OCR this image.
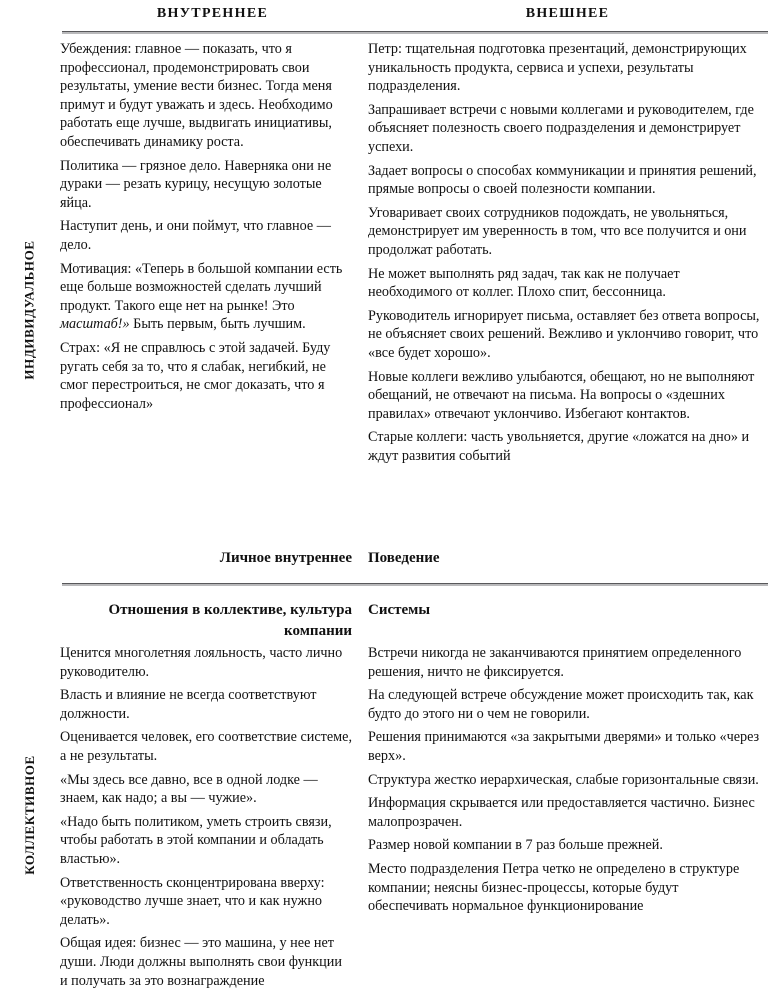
ВНУТРЕННЕЕ	ВНЕШНЕЕ
ИНДИВИДУАЛЬНОЕ
КОЛЛЕКТИВНОЕ

Убеждения: главное — показать, что я профессионал, продемонстрировать свои результаты, умение вести бизнес. Тогда меня примут и будут уважать и здесь. Необходимо работать еще лучше, выдвигать инициативы, обеспечивать динамику роста.

Политика — грязное дело. Наверняка они не дураки — резать курицу, несущую золотые яйца.

Наступит день, и они поймут, что главное — дело.

Мотивация: «Теперь в большой компании есть еще больше возможностей сделать лучший продукт. Такого еще нет на рынке! Это масштаб!» Быть первым, быть лучшим.

Страх: «Я не справлюсь с этой задачей. Буду ругать себя за то, что я слабак, негибкий, не смог перестроиться, не смог доказать, что я профессионал»

Петр: тщательная подготовка презентаций, демонстрирующих уникальность продукта, сервиса и успехи, результаты подразделения.

Запрашивает встречи с новыми коллегами и руководителем, где объясняет полезность своего подразделения и демонстрирует успехи.

Задает вопросы о способах коммуникации и принятия решений, прямые вопросы о своей полезности компании.

Уговаривает своих сотрудников подождать, не увольняться, демонстрирует им уверенность в том, что все получится и они продолжат работать.

Не может выполнять ряд задач, так как не получает необходимого от коллег. Плохо спит, бессонница.

Руководитель игнорирует письма, оставляет без ответа вопросы, не объясняет своих решений. Вежливо и уклончиво говорит, что «все будет хорошо».

Новые коллеги вежливо улыбаются, обещают, но не выполняют обещаний, не отвечают на письма. На вопросы о «здешних правилах» отвечают уклончиво. Избегают контактов.

Старые коллеги: часть увольняется, другие «ложатся на дно» и ждут развития событий

Личное внутреннее Поведение
Отношения в коллективе, культура компании
Системы

Ценится многолетняя лояльность, часто лично руководителю.

Власть и влияние не всегда соответствуют должности.

Оценивается человек, его соответствие системе, а не результаты.

«Мы здесь все давно, все в одной лодке — знаем, как надо; а вы — чужие».

«Надо быть политиком, уметь строить связи, чтобы работать в этой компании и обладать властью».

Ответственность сконцентрирована вверху: «руководство лучше знает, что и как нужно делать».

Общая идея: бизнес — это машина, у нее нет души. Люди должны выполнять свои функции и получать за это вознаграждение

Встречи никогда не заканчиваются принятием определенного решения, ничто не фиксируется.

На следующей встрече обсуждение может происходить так, как будто до этого ни о чем не говорили.

Решения принимаются «за закрытыми дверями» и только «через верх».

Структура жестко иерархическая, слабые горизонтальные связи.

Информация скрывается или предоставляется частично. Бизнес малопрозрачен.

Размер новой компании в 7 раз больше прежней.

Место подразделения Петра четко не определено в структуре компании; неясны бизнес-процессы, которые будут обеспечивать нормальное функционирование
